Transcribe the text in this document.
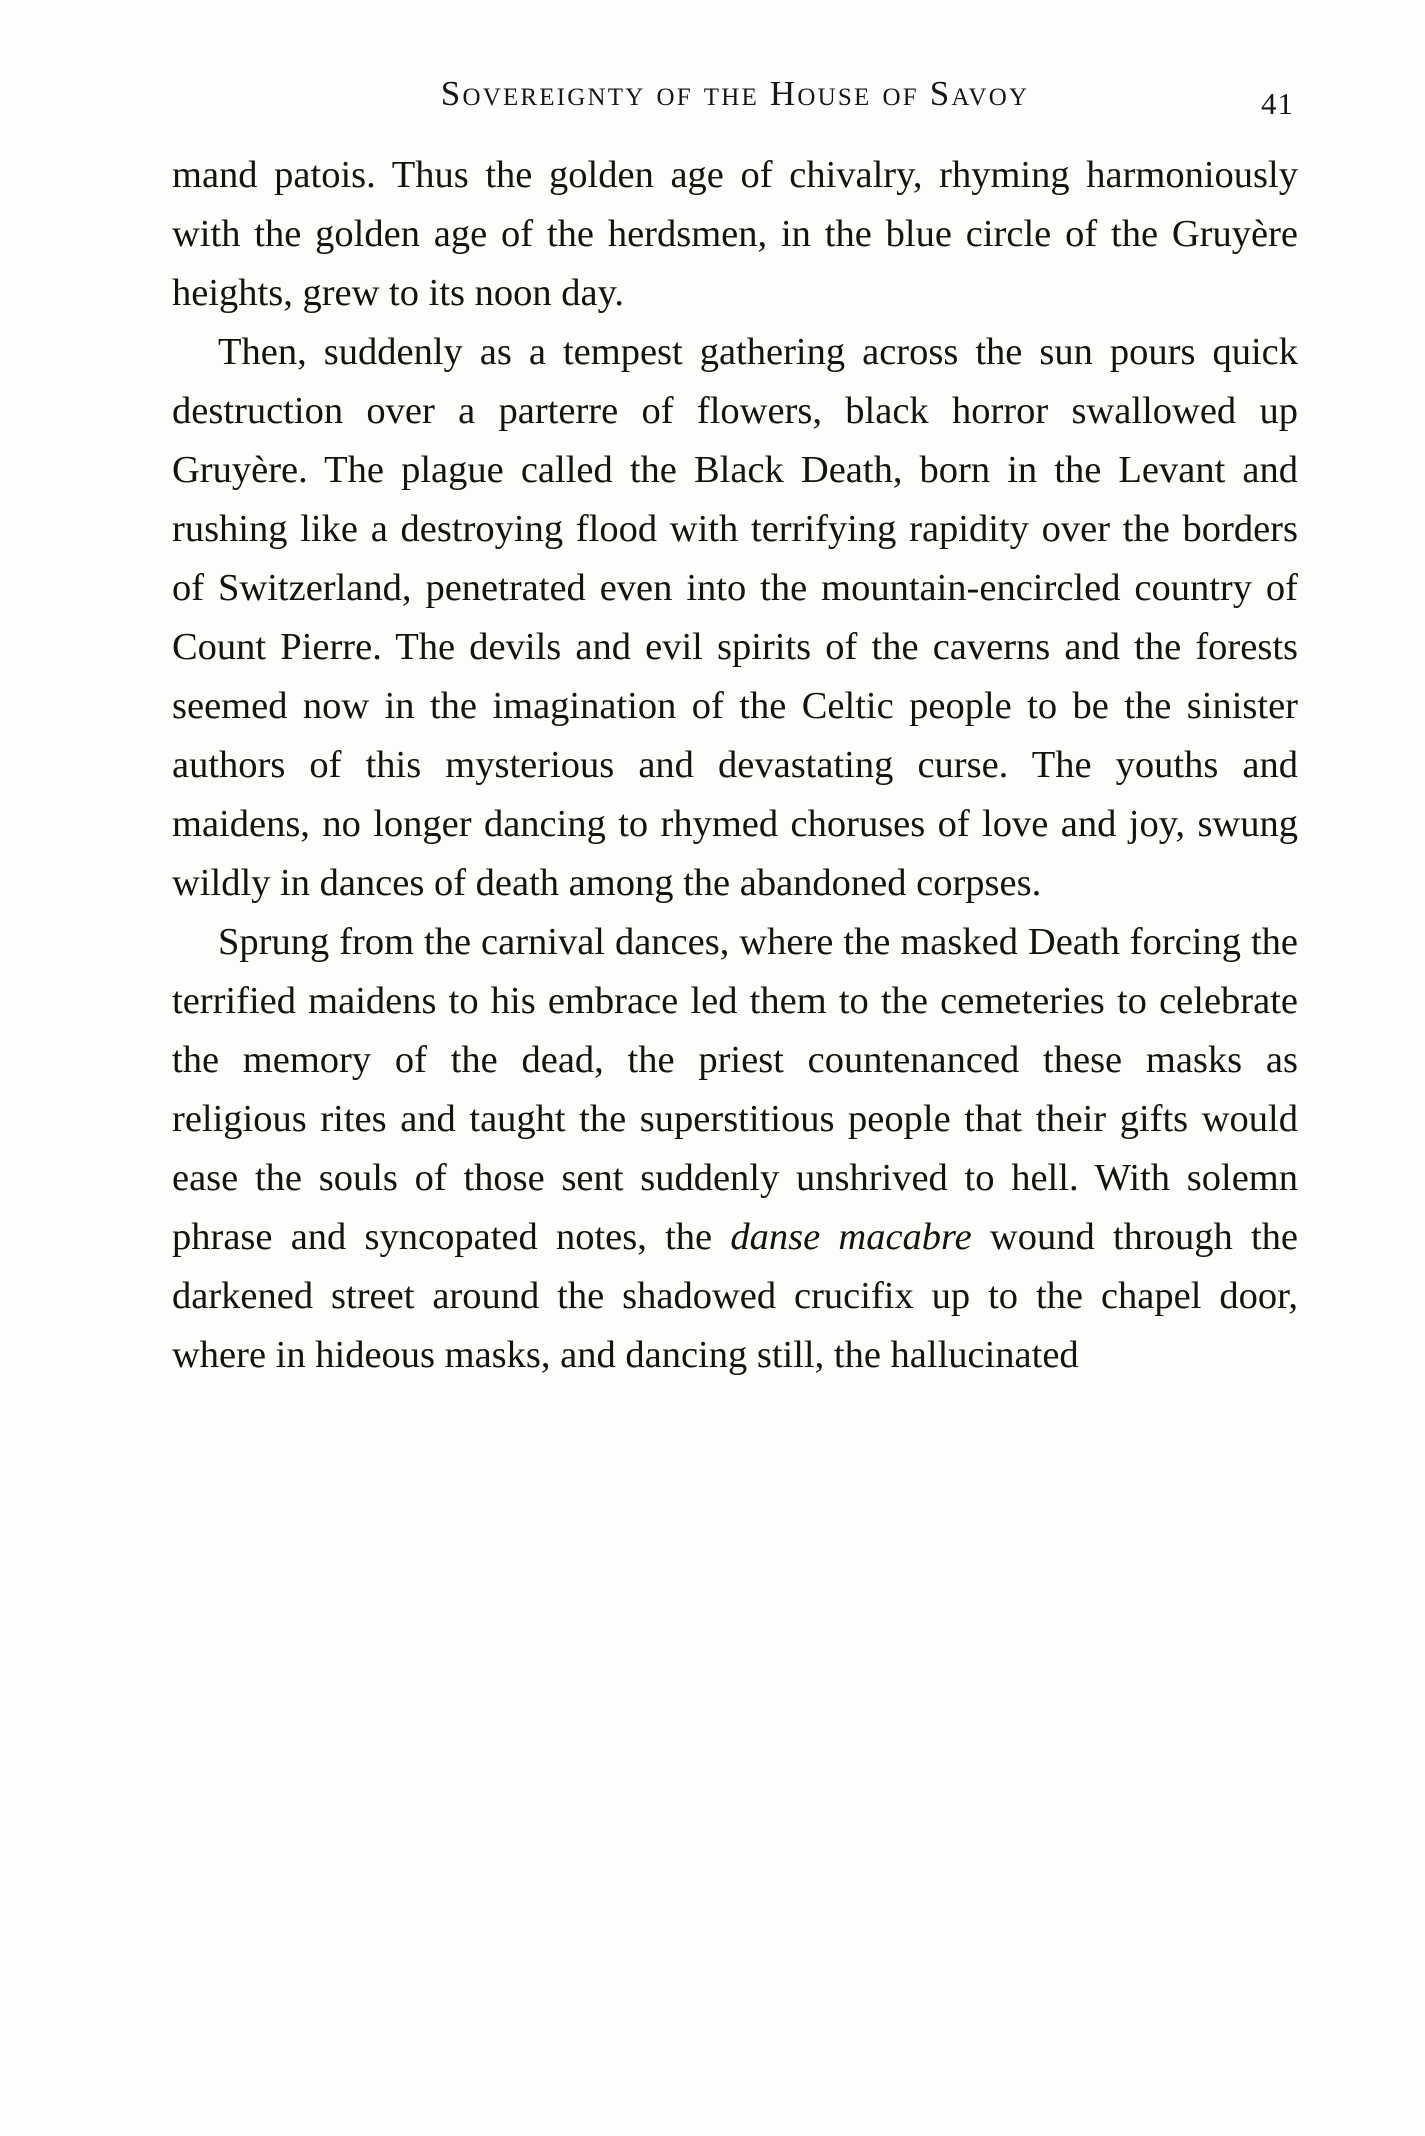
Sovereignty of the House of Savoy	41

mand patois. Thus the golden age of chivalry, rhyming harmoniously with the golden age of the herdsmen, in the blue circle of the Gruyère heights, grew to its noon day.

Then, suddenly as a tempest gathering across the sun pours quick destruction over a parterre of flowers, black horror swallowed up Gruyère. The plague called the Black Death, born in the Levant and rushing like a destroying flood with terrifying rapidity over the borders of Switzerland, penetrated even into the mountain-encircled country of Count Pierre. The devils and evil spirits of the caverns and the forests seemed now in the imagination of the Celtic people to be the sinister authors of this mysterious and devastating curse. The youths and maidens, no longer dancing to rhymed choruses of love and joy, swung wildly in dances of death among the abandoned corpses.

Sprung from the carnival dances, where the masked Death forcing the terrified maidens to his embrace led them to the cemeteries to celebrate the memory of the dead, the priest countenanced these masks as religious rites and taught the superstitious people that their gifts would ease the souls of those sent suddenly unshrived to hell. With solemn phrase and syncopated notes, the danse macabre wound through the darkened street around the shadowed crucifix up to the chapel door, where in hideous masks, and dancing still, the hallucinated
